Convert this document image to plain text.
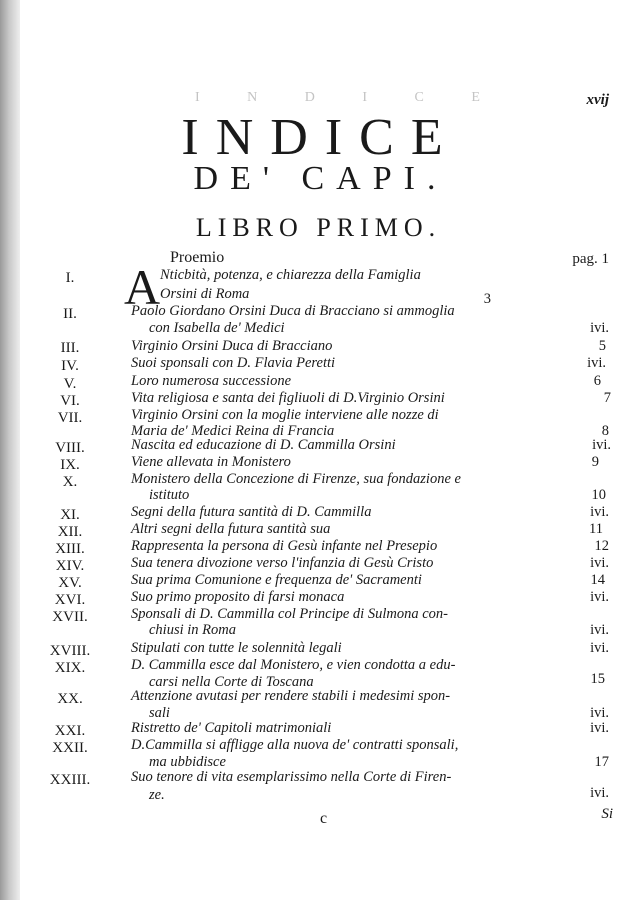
I N D I C E	xvij
INDICE
DE' CAPI.
LIBRO PRIMO.
Proemio	pag. 1
A
I.	Nticbità, potenza, e chiarezza della Famiglia
Orsini di Roma	3
II.	Paolo Giordano Orsini Duca di Bracciano si ammoglia
con Isabella de' Medici	ivi.
III.	Virginio Orsini Duca di Bracciano	5
IV.	Suoi sponsali con D. Flavia Peretti	ivi.
V.	Loro numerosa successione	6
VI.	Vita religiosa e santa dei figliuoli di D.Virginio Orsini	7
VII.	Virginio Orsini con la moglie interviene alle nozze di
Maria de' Medici Reina di Francia	8
VIII.	Nascita ed educazione di D. Cammilla Orsini	ivi.
IX.	Viene allevata in Monistero	9
X.	Monistero della Concezione di Firenze, sua fondazione e
istituto	10
XI.	Segni della futura santità di D. Cammilla	ivi.
XII.	Altri segni della futura santità sua	11
XIII.	Rappresenta la persona di Gesù infante nel Presepio	12
XIV.	Sua tenera divozione verso l'infanzia di Gesù Cristo	ivi.
XV.	Sua prima Comunione e frequenza de' Sacramenti	14
XVI.	Suo primo proposito di farsi monaca	ivi.
XVII.	Sponsali di D. Cammilla col Principe di Sulmona con-
chiusi in Roma	ivi.
XVIII.	Stipulati con tutte le solennità legali	ivi.
XIX.	D. Cammilla esce dal Monistero, e vien condotta a edu-
carsi nella Corte di Toscana	15
XX.	Attenzione avutasi per rendere stabili i medesimi spon-
sali	ivi.
XXI.	Ristretto de' Capitoli matrimoniali	ivi.
XXII.	D.Cammilla si affligge alla nuova de' contratti sponsali,
ma ubbidisce	17
XXIII.	Suo tenore di vita esemplarissimo nella Corte di Firen-
ze.	ivi.
c	Si
